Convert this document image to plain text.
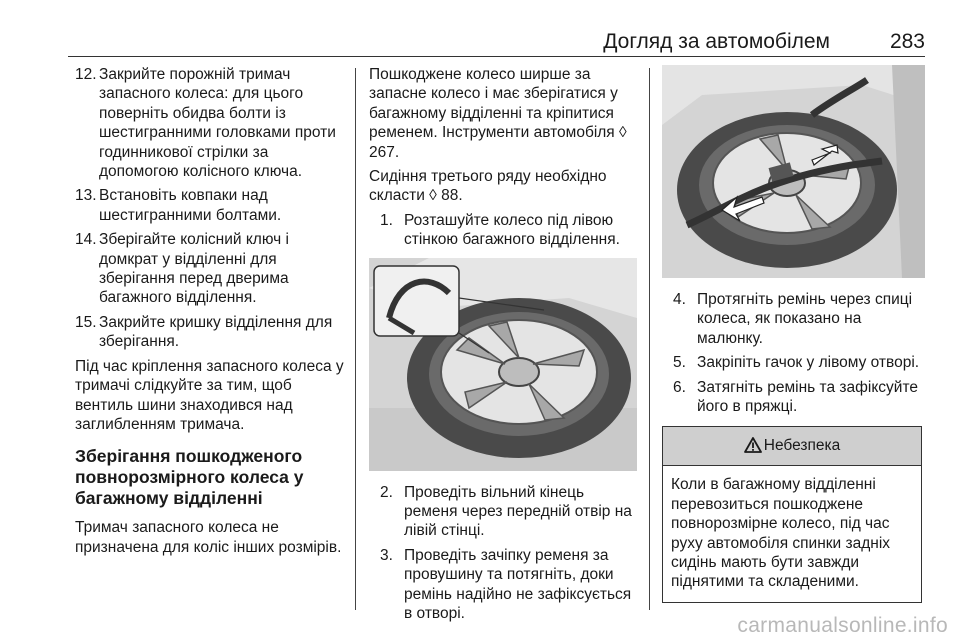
Догляд за автомобілем	283
12. Закрийте порожній тримач запасного колеса: для цього поверніть обидва болти із шестигранними головками проти годинникової стрілки за допомогою колісного ключа.
13. Встановіть ковпаки над шестигранними болтами.
14. Зберігайте колісний ключ і домкрат у відділенні для зберігання перед дверима багажного відділення.
15. Закрийте кришку відділення для зберігання.

Під час кріплення запасного колеса у тримачі слідкуйте за тим, щоб вентиль шини знаходився над заглибленням тримача.

Зберігання пошкодженого повнорозмірного колеса у багажному відділенні

Тримач запасного колеса не призначена для коліс інших розмірів.

Пошкоджене колесо ширше за запасне колесо і має зберігатися у багажному відділенні та кріпитися ременем. Інструменти автомобіля ◊ 267.

Сидіння третього ряду необхідно скласти ◊ 88.

1. Розташуйте колесо під лівою стінкою багажного відділення.
2. Проведіть вільний кінець ременя через передній отвір на лівій стінці.
3. Проведіть зачіпку ременя за провушину та потягніть, доки ремінь надійно не зафіксується в отворі.
4. Протягніть ремінь через спиці колеса, як показано на малюнку.
5. Закріпіть гачок у лівому отворі.
6. Затягніть ремінь та зафіксуйте його в пряжці.
Небезпека
Коли в багажному відділенні перевозиться пошкоджене повнорозмірне колесо, під час руху автомобіля спинки задніх сидінь мають бути завжди піднятими та складеними.
carmanualsonline.info
